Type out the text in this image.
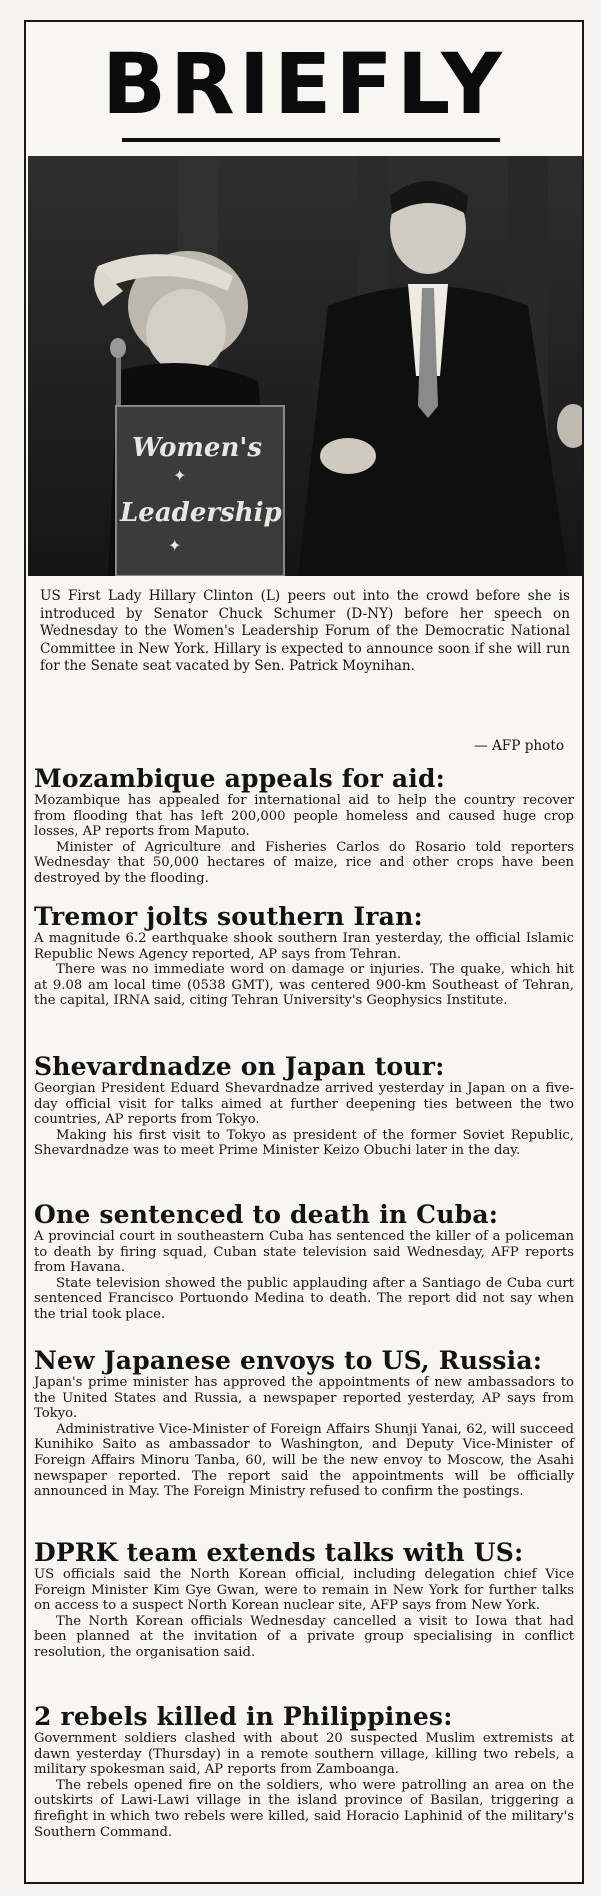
BRIEFLY
Women's
✦
Leadership
✦

US First Lady Hillary Clinton (L) peers out into the crowd before she is introduced by Senator Chuck Schumer (D-NY) before her speech on Wednesday to the Women's Leadership Forum of the Democratic National Committee in New York. Hillary is expected to announce soon if she will run for the Senate seat vacated by Sen. Patrick Moynihan.

— AFP photo

Mozambique appeals for aid:

Mozambique has appealed for international aid to help the country recover from flooding that has left 200,000 people homeless and caused huge crop losses, AP reports from Maputo.

Minister of Agriculture and Fisheries Carlos do Rosario told reporters Wednesday that 50,000 hectares of maize, rice and other crops have been destroyed by the flooding.

Tremor jolts southern Iran:

A magnitude 6.2 earthquake shook southern Iran yesterday, the official Islamic Republic News Agency reported, AP says from Tehran.

There was no immediate word on damage or injuries. The quake, which hit at 9.08 am local time (0538 GMT), was centered 900-km Southeast of Tehran, the capital, IRNA said, citing Tehran University's Geophysics Institute.

Shevardnadze on Japan tour:

Georgian President Eduard Shevardnadze arrived yesterday in Japan on a five-day official visit for talks aimed at further deepening ties between the two countries, AP reports from Tokyo.

Making his first visit to Tokyo as president of the former Soviet Republic, Shevardnadze was to meet Prime Minister Keizo Obuchi later in the day.

One sentenced to death in Cuba:

A provincial court in southeastern Cuba has sentenced the killer of a policeman to death by firing squad, Cuban state television said Wednesday, AFP reports from Havana.

State television showed the public applauding after a Santiago de Cuba curt sentenced Francisco Portuondo Medina to death. The report did not say when the trial took place.

New Japanese envoys to US, Russia:

Japan's prime minister has approved the appointments of new ambassadors to the United States and Russia, a newspaper reported yesterday, AP says from Tokyo.

Administrative Vice-Minister of Foreign Affairs Shunji Yanai, 62, will succeed Kunihiko Saito as ambassador to Washington, and Deputy Vice-Minister of Foreign Affairs Minoru Tanba, 60, will be the new envoy to Moscow, the Asahi newspaper reported. The report said the appointments will be officially announced in May. The Foreign Ministry refused to confirm the postings.

DPRK team extends talks with US:

US officials said the North Korean official, including delegation chief Vice Foreign Minister Kim Gye Gwan, were to remain in New York for further talks on access to a suspect North Korean nuclear site, AFP says from New York.

The North Korean officials Wednesday cancelled a visit to Iowa that had been planned at the invitation of a private group specialising in conflict resolution, the organisation said.

2 rebels killed in Philippines:

Government soldiers clashed with about 20 suspected Muslim extremists at dawn yesterday (Thursday) in a remote southern village, killing two rebels, a military spokesman said, AP reports from Zamboanga.

The rebels opened fire on the soldiers, who were patrolling an area on the outskirts of Lawi-Lawi village in the island province of Basilan, triggering a firefight in which two rebels were killed, said Horacio Laphinid of the military's Southern Command.
